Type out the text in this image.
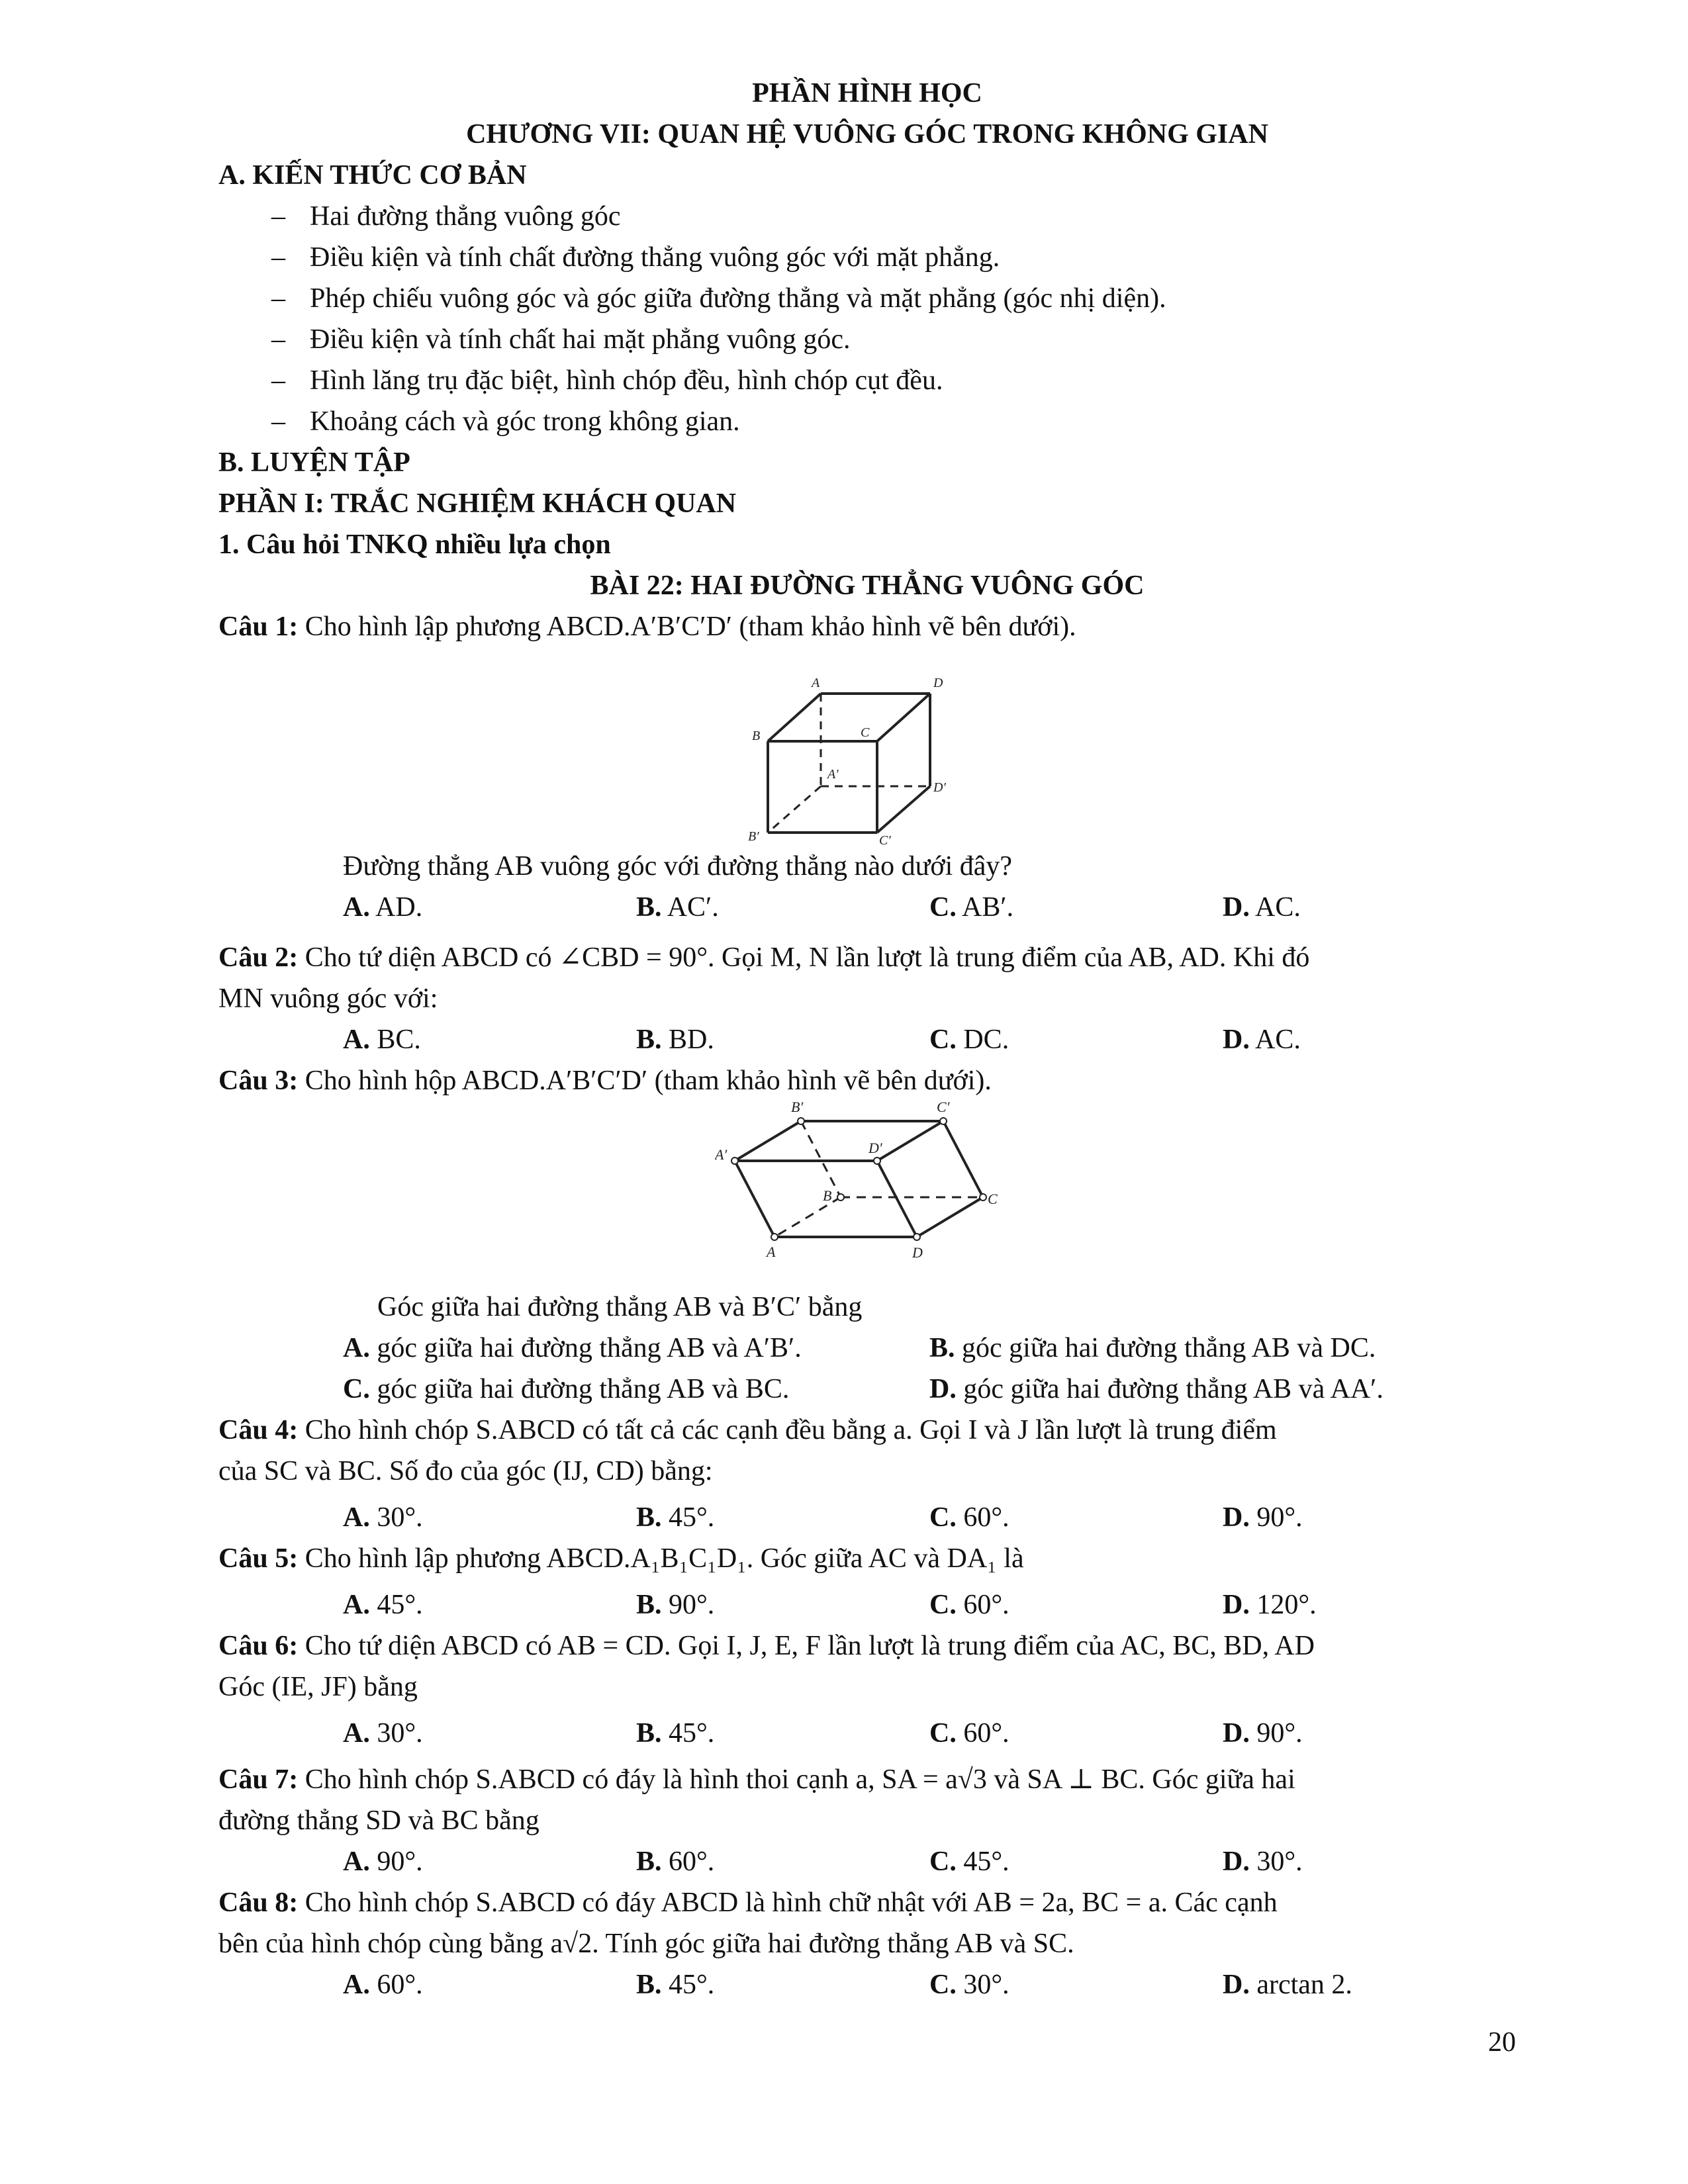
PHẦN HÌNH HỌC
CHƯƠNG VII: QUAN HỆ VUÔNG GÓC TRONG KHÔNG GIAN
A. KIẾN THỨC CƠ BẢN
– Hai đường thẳng vuông góc
– Điều kiện và tính chất đường thẳng vuông góc với mặt phẳng.
– Phép chiếu vuông góc và góc giữa đường thẳng và mặt phẳng (góc nhị diện).
– Điều kiện và tính chất hai mặt phẳng vuông góc.
– Hình lăng trụ đặc biệt, hình chóp đều, hình chóp cụt đều.
– Khoảng cách và góc trong không gian.
B. LUYỆN TẬP
PHẦN I: TRẮC NGHIỆM KHÁCH QUAN
1. Câu hỏi TNKQ nhiều lựa chọn
BÀI 22: HAI ĐƯỜNG THẲNG VUÔNG GÓC
Câu 1: Cho hình lập phương ABCD.A′B′C′D′ (tham khảo hình vẽ bên dưới).
A	D
B	C
A′
D′
B′	C′
Đường thẳng AB vuông góc với đường thẳng nào dưới đây?
A. AD.	B. AC′.	C. AB′.	D. AC.
Câu 2: Cho tứ diện ABCD có ∠CBD = 90°. Gọi M, N lần lượt là trung điểm của AB, AD. Khi đó
MN vuông góc với:
A. BC.	B. BD.	C. DC.	D. AC.
Câu 3: Cho hình hộp ABCD.A′B′C′D′ (tham khảo hình vẽ bên dưới).
B′	C′
A′	D′
B	C
A	D
Góc giữa hai đường thẳng AB và B′C′ bằng
A. góc giữa hai đường thẳng AB và A′B′.	B. góc giữa hai đường thẳng AB và DC.
C. góc giữa hai đường thẳng AB và BC.	D. góc giữa hai đường thẳng AB và AA′.
Câu 4: Cho hình chóp S.ABCD có tất cả các cạnh đều bằng a. Gọi I và J lần lượt là trung điểm
của SC và BC. Số đo của góc (IJ, CD) bằng:
A. 30°.	B. 45°.	C. 60°.	D. 90°.
Câu 5: Cho hình lập phương ABCD.A₁B₁C₁D₁. Góc giữa AC và DA₁ là
A. 45°.	B. 90°.	C. 60°.	D. 120°.
Câu 6: Cho tứ diện ABCD có AB = CD. Gọi I, J, E, F lần lượt là trung điểm của AC, BC, BD, AD
Góc (IE, JF) bằng
A. 30°.	B. 45°.	C. 60°.	D. 90°.
Câu 7: Cho hình chóp S.ABCD có đáy là hình thoi cạnh a, SA = a√3 và SA ⊥ BC. Góc giữa hai
đường thẳng SD và BC bằng
A. 90°.	B. 60°.	C. 45°.	D. 30°.
Câu 8: Cho hình chóp S.ABCD có đáy ABCD là hình chữ nhật với AB = 2a, BC = a. Các cạnh
bên của hình chóp cùng bằng a√2. Tính góc giữa hai đường thẳng AB và SC.
A. 60°.	B. 45°.	C. 30°.	D. arctan 2.
20
